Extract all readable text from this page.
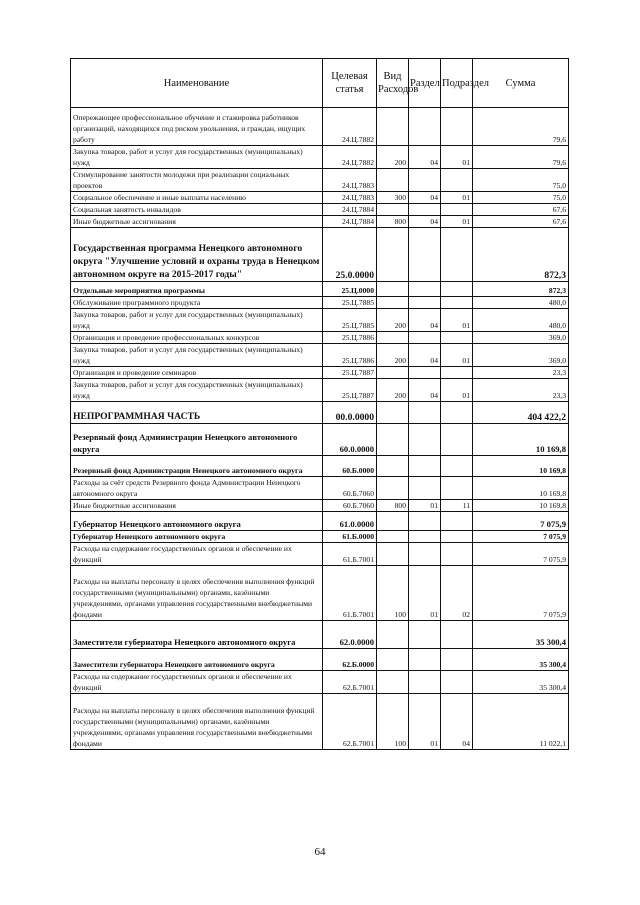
Наименование	Целевая статья	Вид Расходов	Раздел	Подраздел	Сумма
Опережающее профессиональное обучение и стажировка работников организаций, находящихся под риском увольнения, и граждан, ищущих работу	24.Ц.7882				79,6
Закупка товаров, работ и услуг для государственных (муниципальных) нужд	24.Ц.7882	200	04	01	79,6
Стимулирование занятости молодежи при реализации социальных проектов	24.Ц.7883				75,0
Социальное обеспечение и иные выплаты населению	24.Ц.7883	300	04	01	75,0
Социальная занятость инвалидов	24.Ц.7884				67,6
Иные бюджетные ассигнования	24.Ц.7884	800	04	01	67,6
Государственная программа Ненецкого автономного округа "Улучшение условий и охраны труда в Ненецком автономном округе на 2015-2017 годы"	25.0.0000				872,3
Отдельные мероприятия программы	25.Ц.0000				872,3
Обслуживание программного продукта	25.Ц.7885				480,0
Закупка товаров, работ и услуг для государственных (муниципальных) нужд	25.Ц.7885	200	04	01	480,0
Организация и проведение профессиональных конкурсов	25.Ц.7886				369,0
Закупка товаров, работ и услуг для государственных (муниципальных) нужд	25.Ц.7886	200	04	01	369,0
Организация и проведение семинаров	25.Ц.7887				23,3
Закупка товаров, работ и услуг для государственных (муниципальных) нужд	25.Ц.7887	200	04	01	23,3
НЕПРОГРАММНАЯ ЧАСТЬ	00.0.0000				404 422,2
Резервный фонд Администрации Ненецкого автономного округа	60.0.0000				10 169,8
Резервный фонд Администрации Ненецкого автономного округа	60.Б.0000				10 169,8
Расходы за счёт средств Резервного фонда Администрации Ненецкого автономного округа	60.Б.7060				10 169,8
Иные бюджетные ассигнования	60.Б.7060	800	01	11	10 169,8
Губернатор Ненецкого автономного округа	61.0.0000				7 075,9
Губернатор Ненецкого автономного округа	61.Б.0000				7 075,9
Расходы на содержание государственных органов и обеспечение их функций	61.Б.7001				7 075,9
Расходы на выплаты персоналу в целях обеспечения выполнения функций государственными (муниципальными) органами, казёнными учреждениями, органами управления государственными внебюджетными фондами	61.Б.7001	100	01	02	7 075,9
Заместители губернатора Ненецкого автономного округа	62.0.0000				35 300,4
Заместители губернатора Ненецкого автономного округа	62.Б.0000				35 300,4
Расходы на содержание государственных органов и обеспечение их функций	62.Б.7001				35 300,4
Расходы на выплаты персоналу в целях обеспечения выполнения функций государственными (муниципальными) органами, казёнными учреждениями, органами управления государственными внебюджетными фондами	62.Б.7001	100	01	04	11 022,1
64
